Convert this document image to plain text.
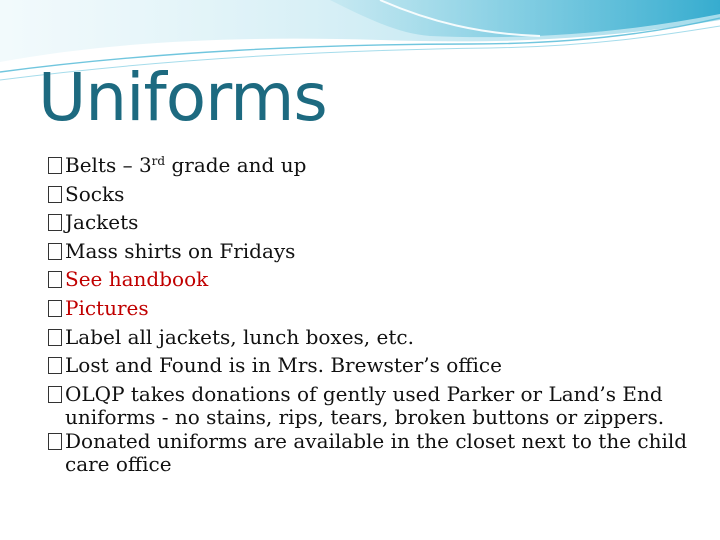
Uniforms

Belts – 3rd grade and up

Socks

Jackets

Mass shirts on Fridays

See handbook

Pictures

Label all jackets, lunch boxes, etc.

Lost and Found is in Mrs. Brewster’s office

OLQP takes donations of gently used Parker or Land’s End uniforms - no stains, rips, tears, broken buttons or zippers.

Donated uniforms are available in the closet next to the child care office
